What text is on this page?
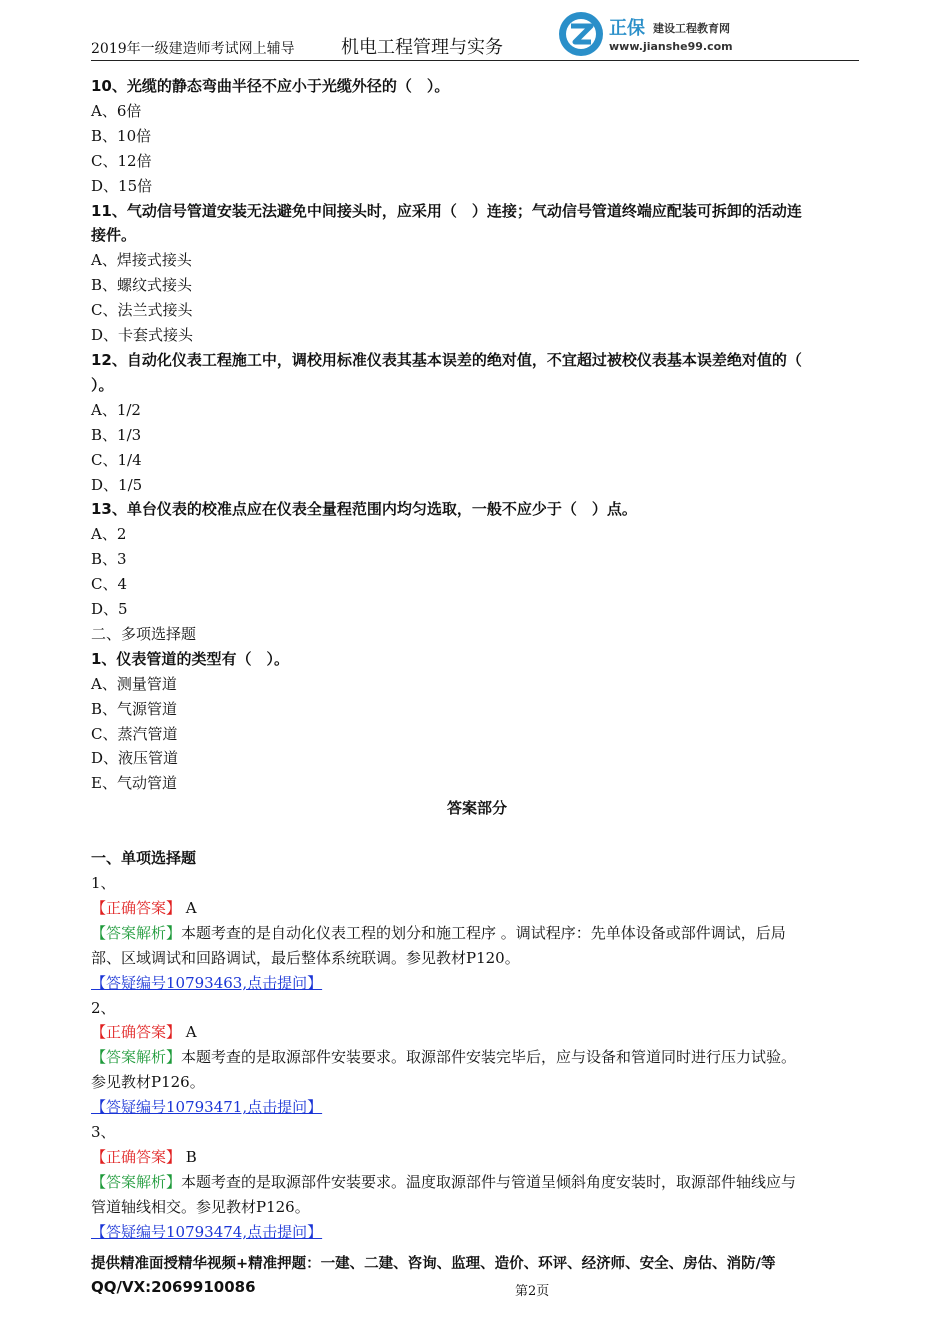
2019年一级建造师考试网上辅导	机电工程管理与实务
正保 建设工程教育网
www.jianshe99.com
10、光缆的静态弯曲半径不应小于光缆外径的（　）。
A、6倍
B、10倍
C、12倍
D、15倍
11、气动信号管道安装无法避免中间接头时，应采用（　）连接；气动信号管道终端应配装可拆卸的活动连
接件。
A、焊接式接头
B、螺纹式接头
C、法兰式接头
D、卡套式接头
12、自动化仪表工程施工中，调校用标准仪表其基本误差的绝对值，不宜超过被校仪表基本误差绝对值的（
）。
A、1/2
B、1/3
C、1/4
D、1/5
13、单台仪表的校准点应在仪表全量程范围内均匀选取，一般不应少于（　）点。
A、2
B、3
C、4
D、5
二、多项选择题
1、仪表管道的类型有（　）。
A、测量管道
B、气源管道
C、蒸汽管道
D、液压管道
E、气动管道
答案部分
一、单项选择题
1、
【正确答案】 A
【答案解析】本题考查的是自动化仪表工程的划分和施工程序 。调试程序：先单体设备或部件调试，后局
部、区域调试和回路调试，最后整体系统联调。参见教材P120。
【答疑编号10793463,点击提问】
2、
【正确答案】 A
【答案解析】本题考查的是取源部件安装要求。取源部件安装完毕后，应与设备和管道同时进行压力试验。
参见教材P126。
【答疑编号10793471,点击提问】
3、
【正确答案】 B
【答案解析】本题考查的是取源部件安装要求。温度取源部件与管道呈倾斜角度安装时，取源部件轴线应与
管道轴线相交。参见教材P126。
【答疑编号10793474,点击提问】
提供精准面授精华视频+精准押题：一建、二建、咨询、监理、造价、环评、经济师、安全、房估、消防/等
QQ/VX:2069910086	第2页
